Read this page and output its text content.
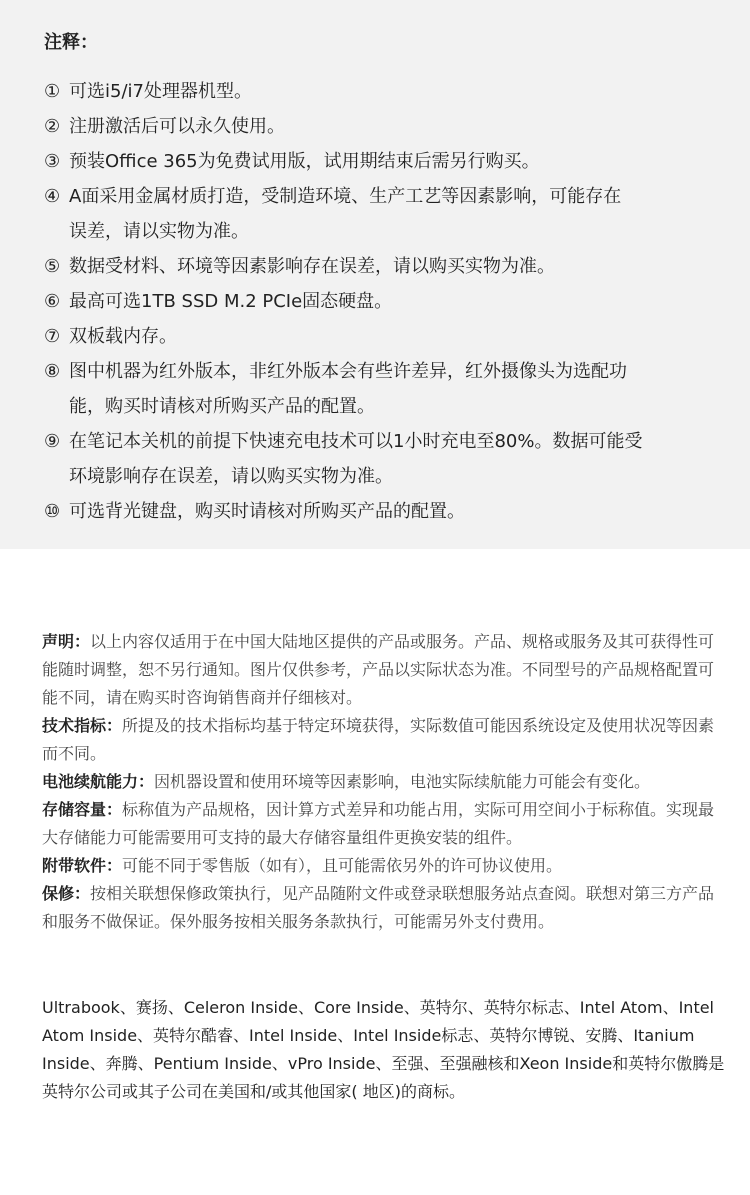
注释：
① 可选i5/i7处理器机型。
② 注册激活后可以永久使用。
③ 预装Office 365为免费试用版，试用期结束后需另行购买。
④ A面采用金属材质打造，受制造环境、生产工艺等因素影响，可能存在
误差，请以实物为准。
⑤ 数据受材料、环境等因素影响存在误差，请以购买实物为准。
⑥ 最高可选1TB SSD M.2 PCIe固态硬盘。
⑦ 双板载内存。
⑧ 图中机器为红外版本，非红外版本会有些许差异，红外摄像头为选配功
能，购买时请核对所购买产品的配置。
⑨ 在笔记本关机的前提下快速充电技术可以1小时充电至80%。数据可能受
环境影响存在误差，请以购买实物为准。
⑩ 可选背光键盘，购买时请核对所购买产品的配置。

声明：以上内容仅适用于在中国大陆地区提供的产品或服务。产品、规格或服务及其可获得性可能随时调整，恕不另行通知。图片仅供参考，产品以实际状态为准。不同型号的产品规格配置可能不同，请在购买时咨询销售商并仔细核对。

技术指标：所提及的技术指标均基于特定环境获得，实际数值可能因系统设定及使用状况等因素而不同。

电池续航能力：因机器设置和使用环境等因素影响，电池实际续航能力可能会有变化。

存储容量：标称值为产品规格，因计算方式差异和功能占用，实际可用空间小于标称值。实现最大存储能力可能需要用可支持的最大存储容量组件更换安装的组件。

附带软件：可能不同于零售版（如有），且可能需依另外的许可协议使用。

保修：按相关联想保修政策执行，见产品随附文件或登录联想服务站点查阅。联想对第三方产品和服务不做保证。保外服务按相关服务条款执行，可能需另外支付费用。

Ultrabook、赛扬、Celeron Inside、Core Inside、英特尔、英特尔标志、Intel Atom、Intel Atom Inside、英特尔酷睿、Intel Inside、Intel Inside标志、英特尔博锐、安腾、Itanium Inside、奔腾、Pentium Inside、vPro Inside、至强、至强融核和Xeon Inside和英特尔傲腾是英特尔公司或其子公司在美国和/或其他国家( 地区)的商标。
